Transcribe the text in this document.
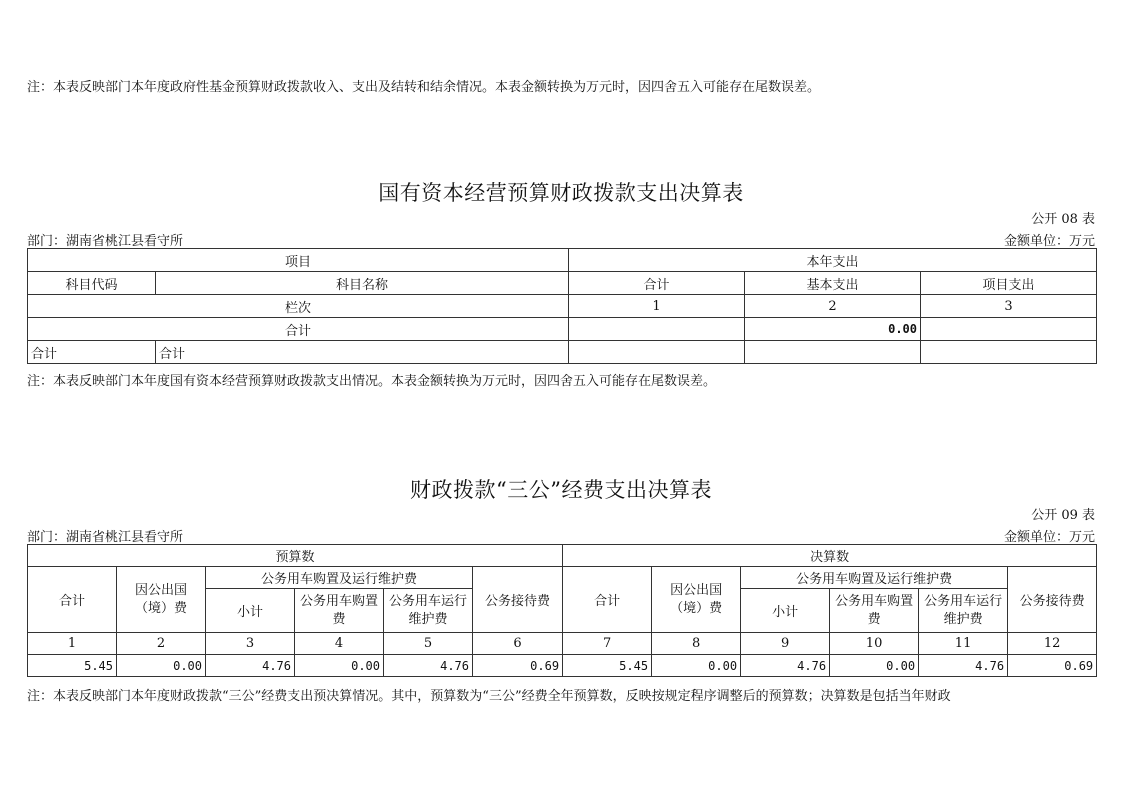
注：本表反映部门本年度政府性基金预算财政拨款收入、支出及结转和结余情况。本表金额转换为万元时，因四舍五入可能存在尾数误差。
国有资本经营预算财政拨款支出决算表
公开 08 表
部门：湖南省桃江县看守所	金额单位：万元
项目		本年支出		
科目代码	科目名称	合计	基本支出	项目支出
栏次		1	2	3
合计			0.00	
合计	合计			
注：本表反映部门本年度国有资本经营预算财政拨款支出情况。本表金额转换为万元时，因四舍五入可能存在尾数误差。
财政拨款“三公”经费支出决算表
公开 09 表
部门：湖南省桃江县看守所	金额单位：万元
预算数						决算数					
合计	因公出国（境）费	公务用车购置及运行维护费			公务接待费	合计	因公出国（境）费	公务用车购置及运行维护费			公务接待费
		小计	公务用车购置费	公务用车运行维护费				小计	公务用车购置费	公务用车运行维护费	
1	2	3	4	5	6	7	8	9	10	11	12
5.45	0.00	4.76	0.00	4.76	0.69	5.45	0.00	4.76	0.00	4.76	0.69
注：本表反映部门本年度财政拨款“三公”经费支出预决算情况。其中，预算数为“三公”经费全年预算数，反映按规定程序调整后的预算数；决算数是包括当年财政
